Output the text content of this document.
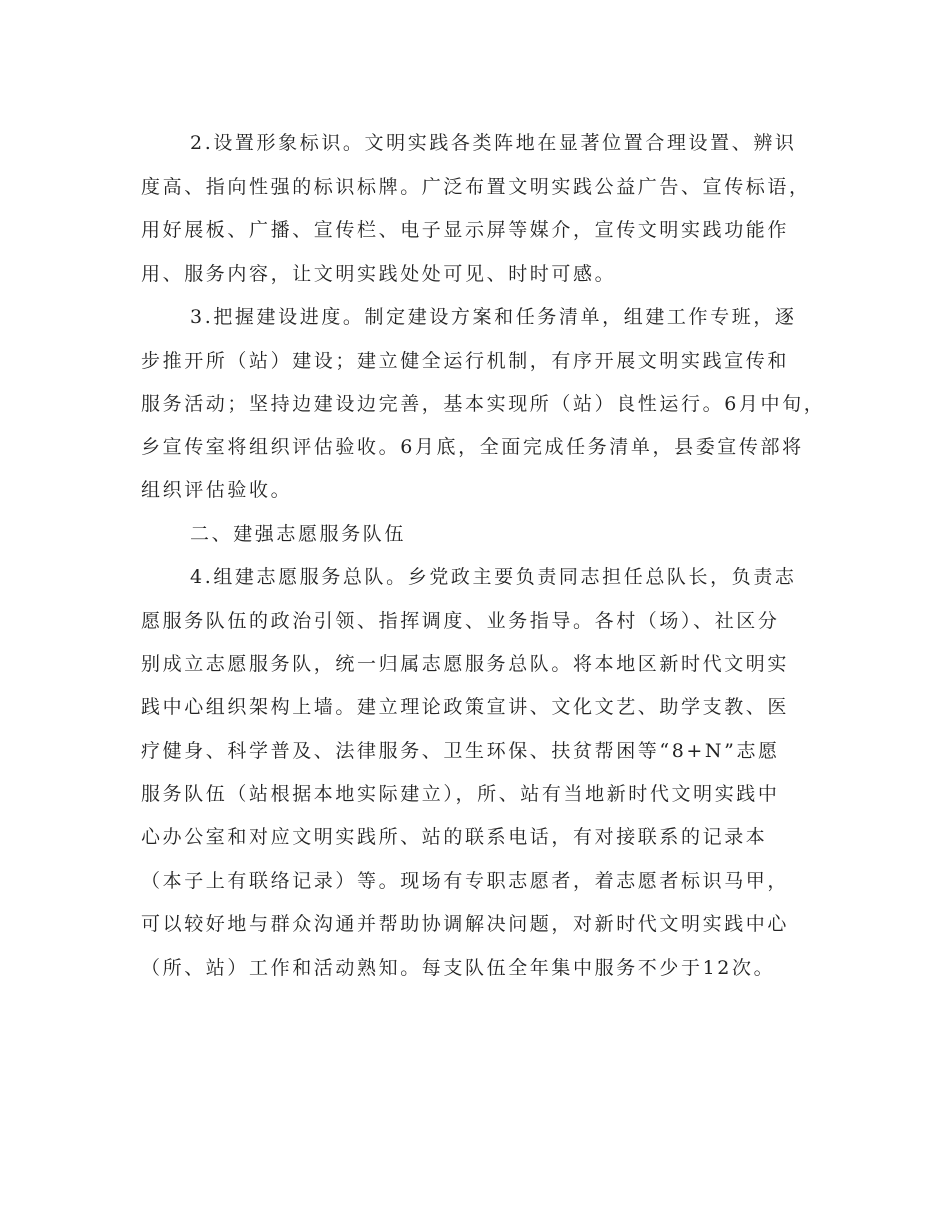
2.设置形象标识。文明实践各类阵地在显著位置合理设置、辨识
度高、指向性强的标识标牌。广泛布置文明实践公益广告、宣传标语，
用好展板、广播、宣传栏、电子显示屏等媒介，宣传文明实践功能作
用、服务内容，让文明实践处处可见、时时可感。
3.把握建设进度。制定建设方案和任务清单，组建工作专班，逐
步推开所（站）建设；建立健全运行机制，有序开展文明实践宣传和
服务活动；坚持边建设边完善，基本实现所（站）良性运行。6月中旬，
乡宣传室将组织评估验收。6月底，全面完成任务清单，县委宣传部将
组织评估验收。
二、建强志愿服务队伍
4.组建志愿服务总队。乡党政主要负责同志担任总队长，负责志
愿服务队伍的政治引领、指挥调度、业务指导。各村（场）、社区分
别成立志愿服务队，统一归属志愿服务总队。将本地区新时代文明实
践中心组织架构上墙。建立理论政策宣讲、文化文艺、助学支教、医
疗健身、科学普及、法律服务、卫生环保、扶贫帮困等“8+N”志愿
服务队伍（站根据本地实际建立），所、站有当地新时代文明实践中
心办公室和对应文明实践所、站的联系电话，有对接联系的记录本
（本子上有联络记录）等。现场有专职志愿者，着志愿者标识马甲，
可以较好地与群众沟通并帮助协调解决问题，对新时代文明实践中心
（所、站）工作和活动熟知。每支队伍全年集中服务不少于12次。
